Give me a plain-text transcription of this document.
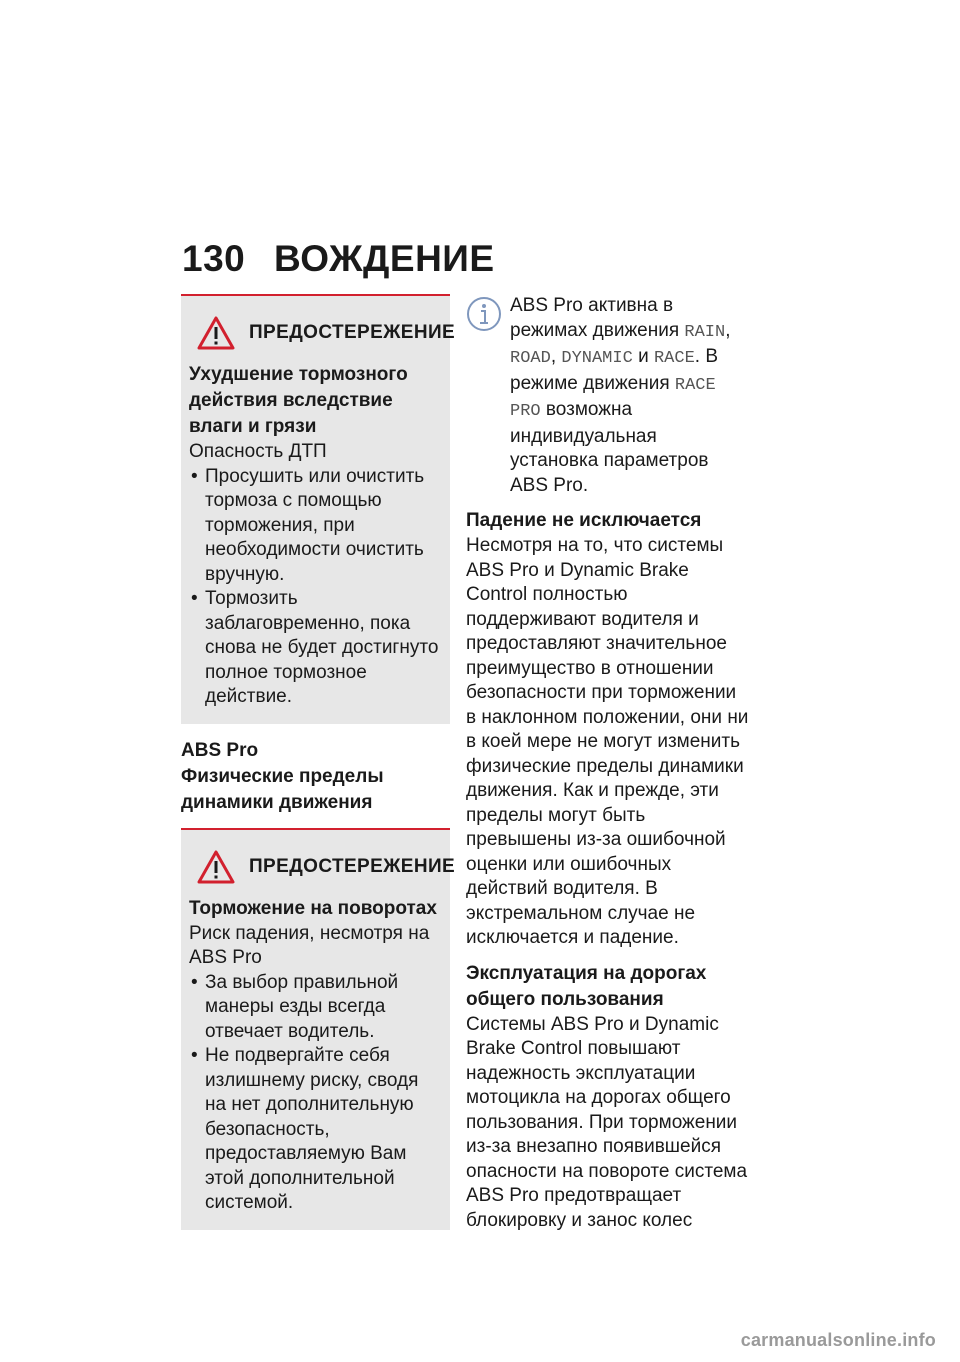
130 ВОЖДЕНИЕ
ПРЕДОСТЕРЕЖЕНИЕ
Ухудшение тормозного действия вследствие влаги и грязи
Опасность ДТП
• Просушить или очистить тормоза с помощью торможения, при необходимости очистить вручную.
• Тормозить заблаговременно, пока снова не будет достигнуто полное тормозное действие.
ABS Pro
Физические пределы динамики движения
ПРЕДОСТЕРЕЖЕНИЕ
Торможение на поворотах
Риск падения, несмотря на ABS Pro
• За выбор правильной манеры езды всегда отвечает водитель.
• Не подвергайте себя излишнему риску, сводя на нет дополнительную безопасность, предоставляемую Вам этой дополнительной системой.

ABS Pro активна в режимах движения RAIN, ROAD, DYNAMIC и RACE. В режиме движения RACE PRO возможна индивидуальная установка параметров ABS Pro.

Падение не исключается

Несмотря на то, что системы ABS Pro и Dynamic Brake Control полностью поддерживают водителя и предоставляют значительное преимущество в отношении безопасности при торможении в наклонном положении, они ни в коей мере не могут изменить физические пределы динамики движения. Как и прежде, эти пределы могут быть превышены из-за ошибочной оценки или ошибочных действий водителя. В экстремальном случае не исключается и падение.

Эксплуатация на дорогах общего пользования

Системы ABS Pro и Dynamic Brake Control повышают надежность эксплуатации мотоцикла на дорогах общего пользования. При торможении из-за внезапно появившейся опасности на повороте система ABS Pro предотвращает блокировку и занос колес

carmanualsonline.info
